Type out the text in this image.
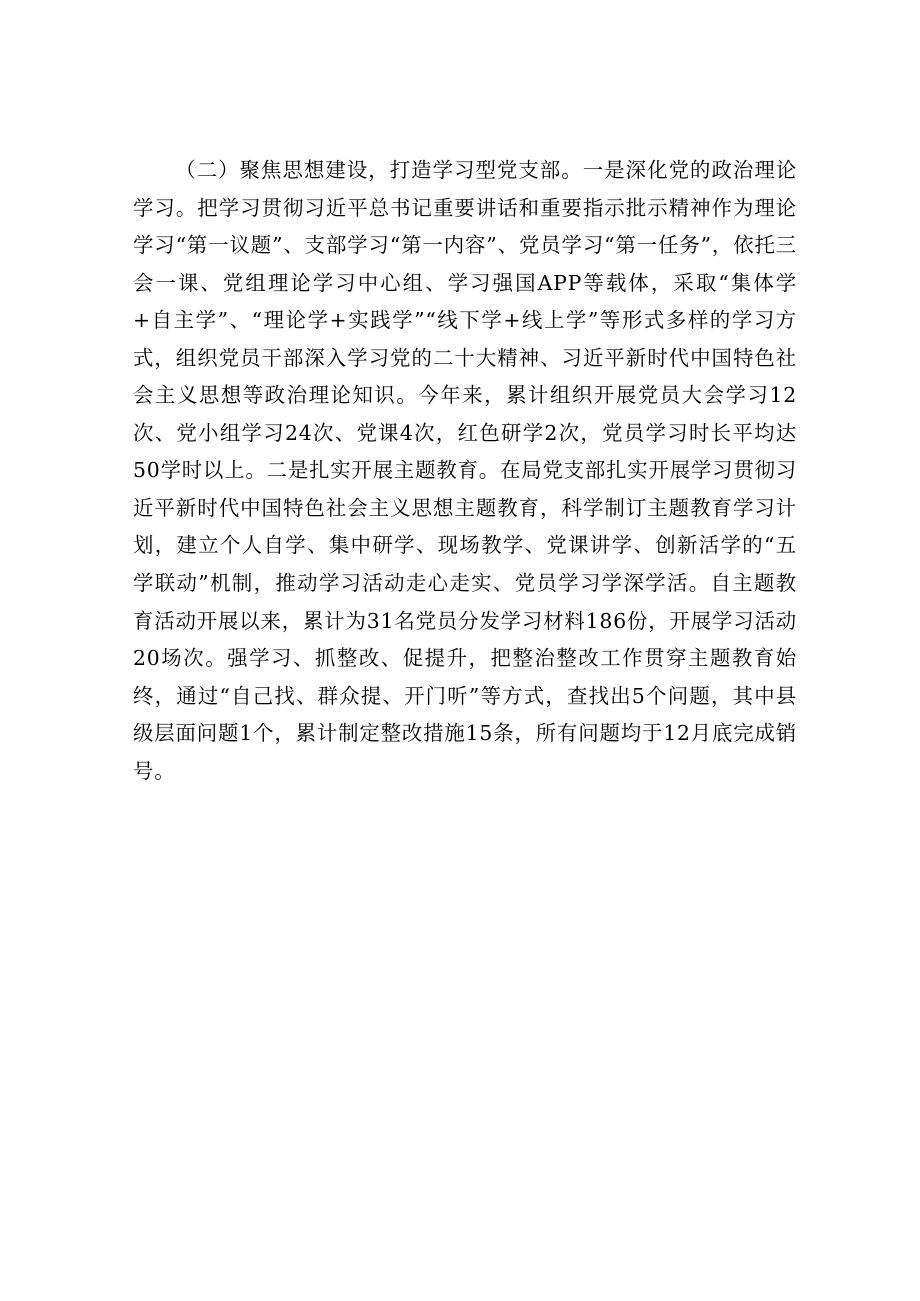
（二）聚焦思想建设，打造学习型党支部。一是深化党的政治理论学习。把学习贯彻习近平总书记重要讲话和重要指示批示精神作为理论学习“第一议题”、支部学习“第一内容”、党员学习“第一任务”，依托三会一课、党组理论学习中心组、学习强国APP等载体，采取“集体学+自主学”、“理论学+实践学”“线下学+线上学”等形式多样的学习方式，组织党员干部深入学习党的二十大精神、习近平新时代中国特色社会主义思想等政治理论知识。今年来，累计组织开展党员大会学习12次、党小组学习24次、党课4次，红色研学2次，党员学习时长平均达50学时以上。二是扎实开展主题教育。在局党支部扎实开展学习贯彻习近平新时代中国特色社会主义思想主题教育，科学制订主题教育学习计划，建立个人自学、集中研学、现场教学、党课讲学、创新活学的“五学联动”机制，推动学习活动走心走实、党员学习学深学活。自主题教育活动开展以来，累计为31名党员分发学习材料186份，开展学习活动20场次。强学习、抓整改、促提升，把整治整改工作贯穿主题教育始终，通过“自己找、群众提、开门听”等方式，查找出5个问题，其中县级层面问题1个，累计制定整改措施15条，所有问题均于12月底完成销号。
